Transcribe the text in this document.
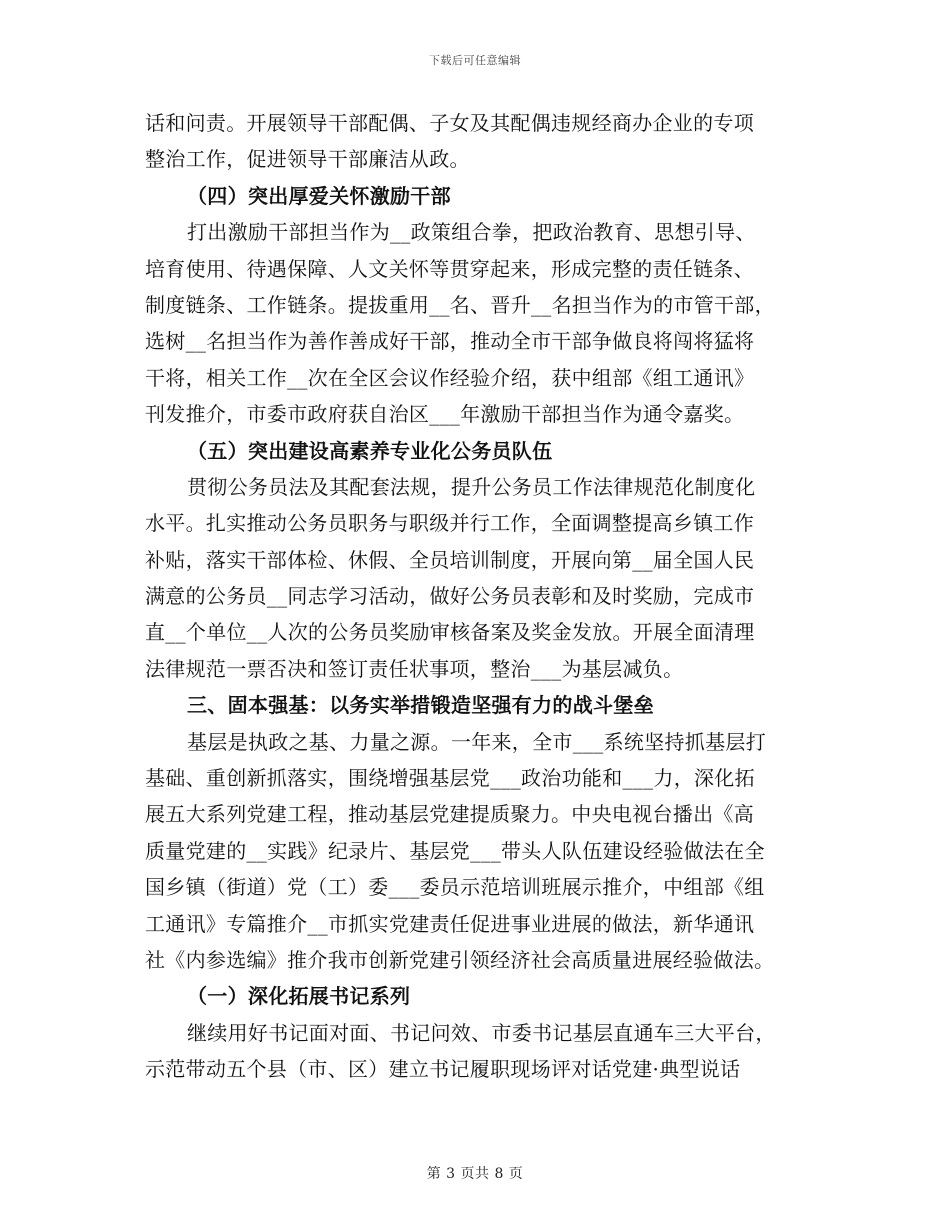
下载后可任意编辑
话和问责。开展领导干部配偶、子女及其配偶违规经商办企业的专项
整治工作，促进领导干部廉洁从政。
（四）突出厚爱关怀激励干部
打出激励干部担当作为__政策组合拳，把政治教育、思想引导、
培育使用、待遇保障、人文关怀等贯穿起来，形成完整的责任链条、
制度链条、工作链条。提拔重用__名、晋升__名担当作为的市管干部，
选树__名担当作为善作善成好干部，推动全市干部争做良将闯将猛将
干将，相关工作__次在全区会议作经验介绍，获中组部《组工通讯》
刊发推介，市委市政府获自治区___年激励干部担当作为通令嘉奖。
（五）突出建设高素养专业化公务员队伍
贯彻公务员法及其配套法规，提升公务员工作法律规范化制度化
水平。扎实推动公务员职务与职级并行工作，全面调整提高乡镇工作
补贴，落实干部体检、休假、全员培训制度，开展向第__届全国人民
满意的公务员__同志学习活动，做好公务员表彰和及时奖励，完成市
直__个单位__人次的公务员奖励审核备案及奖金发放。开展全面清理
法律规范一票否决和签订责任状事项，整治___为基层减负。
三、固本强基：以务实举措锻造坚强有力的战斗堡垒
基层是执政之基、力量之源。一年来，全市___系统坚持抓基层打
基础、重创新抓落实，围绕增强基层党___政治功能和___力，深化拓
展五大系列党建工程，推动基层党建提质聚力。中央电视台播出《高
质量党建的__实践》纪录片、基层党___带头人队伍建设经验做法在全
国乡镇（街道）党（工）委___委员示范培训班展示推介，中组部《组
工通讯》专篇推介__市抓实党建责任促进事业进展的做法，新华通讯
社《内参选编》推介我市创新党建引领经济社会高质量进展经验做法。
（一）深化拓展书记系列
继续用好书记面对面、书记问效、市委书记基层直通车三大平台，
示范带动五个县（市、区）建立书记履职现场评对话党建·典型说话
第 3 页共 8 页
